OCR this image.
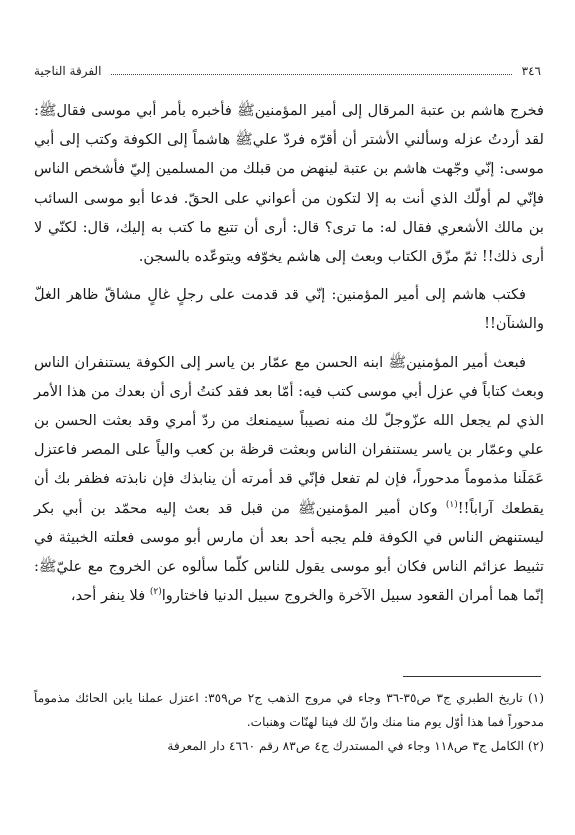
٣٤٦
الفرقة الناجية

فخرج هاشم بن عتبة المرقال إلى أمير المؤمنينﷺ فأخبره بأمر أبي موسى فقالﷺ: لقد أردتُ عزله وسألني الأشتر أن أقرّه فردّ عليﷺ هاشماً إلى الكوفة وكتب إلى أبي موسى: إنّي وجّهت هاشم بن عتبة لينهض من قبلك من المسلمين إليّ فأشخص الناس فإنّي لم أولّك الذي أنت به إلا لتكون من أعواني على الحقّ. فدعا أبو موسى السائب بن مالك الأشعري فقال له: ما ترى؟ قال: أرى أن تتبع ما كتب به إليك، قال: لكنّي لا أرى ذلك!! ثمّ مزّق الكتاب وبعث إلى هاشم يخوّفه ويتوعّده بالسجن.

فكتب هاشم إلى أمير المؤمنين: إنّي قد قدمت على رجلٍ غالٍ مشاقّ ظاهر الغلّ والشنآن!!

فبعث أمير المؤمنينﷺ ابنه الحسن مع عمّار بن ياسر إلى الكوفة يستنفران الناس وبعث كتاباً في عزل أبي موسى كتب فيه: أمّا بعد فقد كنتُ أرى أن بعدك من هذا الأمر الذي لم يجعل الله عزّوجلّ لك منه نصيباً سيمنعك من ردّ أمري وقد بعثت الحسن بن علي وعمّار بن ياسر يستنفران الناس وبعثت قرظة بن كعب والياً على المصر فاعتزل عَمَلَنا مذموماً مدحوراً، فإن لم تفعل فإنّي قد أمرته أن ينابذك فإن نابذته فظفر بك أن يقطعك آراباً!!$^{(١)}$ وكان أمير المؤمنينﷺ من قبل قد بعث إليه محمّد بن أبي بكر ليستنهض الناس في الكوفة فلم يجبه أحد بعد أن مارس أبو موسى فعلته الخبيثة في تثبيط عزائم الناس فكان أبو موسى يقول للناس كلّما سألوه عن الخروج مع عليّﷺ: إنّما هما أمران القعود سبيل الآخرة والخروج سبيل الدنيا فاختاروا$^{(٢)}$ فلا ينفر أحد،

(١) تاريخ الطبري ج٣ ص٣٥-٣٦ وجاء في مروج الذهب ج٢ ص٣٥٩: اعتزل عملنا يابن الحائك مذموماً مدحوراً فما هذا أوّل يوم منا منك وانّ لك فينا لهنّات وهنبات.

(٢) الكامل ج٣ ص١١٨ وجاء في المستدرك ج٤ ص٨٣ رقم ٤٦٦٠ دار المعرفة
